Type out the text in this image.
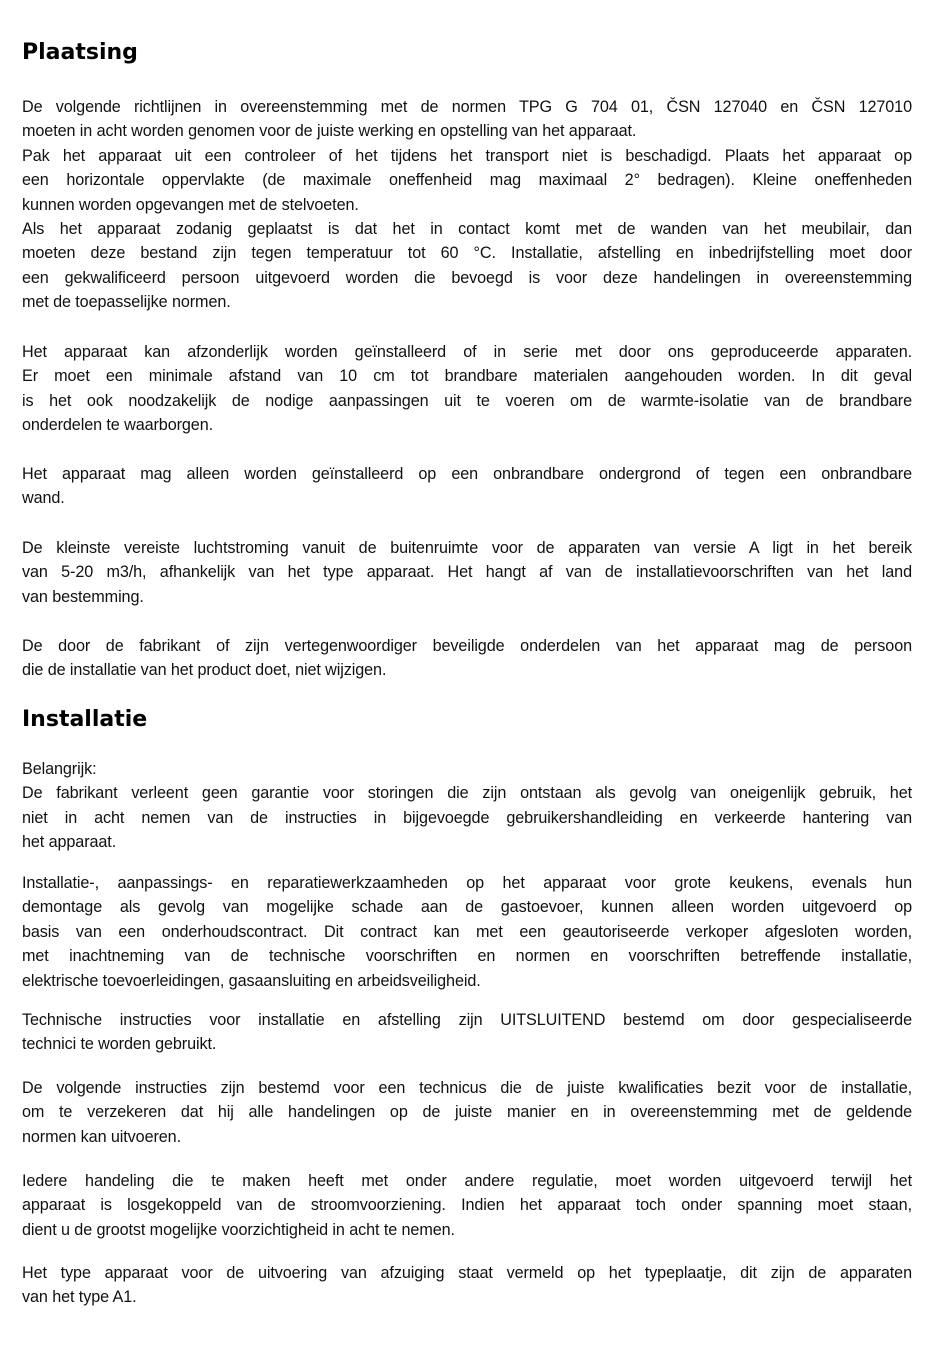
Plaatsing
De volgende richtlijnen in overeenstemming met de normen TPG G 704 01, ČSN 127040 en ČSN 127010
moeten in acht worden genomen voor de juiste werking en opstelling van het apparaat.
Pak het apparaat uit een controleer of het tijdens het transport niet is beschadigd. Plaats het apparaat op
een horizontale oppervlakte (de maximale oneffenheid mag maximaal 2° bedragen). Kleine oneffenheden
kunnen worden opgevangen met de stelvoeten.
Als het apparaat zodanig geplaatst is dat het in contact komt met de wanden van het meubilair, dan
moeten deze bestand zijn tegen temperatuur tot 60 °C. Installatie, afstelling en inbedrijfstelling moet door
een gekwalificeerd persoon uitgevoerd worden die bevoegd is voor deze handelingen in overeenstemming
met de toepasselijke normen.
Het apparaat kan afzonderlijk worden geïnstalleerd of in serie met door ons geproduceerde apparaten.
Er moet een minimale afstand van 10 cm tot brandbare materialen aangehouden worden. In dit geval
is het ook noodzakelijk de nodige aanpassingen uit te voeren om de warmte-isolatie van de brandbare
onderdelen te waarborgen.
Het apparaat mag alleen worden geïnstalleerd op een onbrandbare ondergrond of tegen een onbrandbare
wand.
De kleinste vereiste luchtstroming vanuit de buitenruimte voor de apparaten van versie A ligt in het bereik
van 5-20 m3/h, afhankelijk van het type apparaat. Het hangt af van de installatievoorschriften van het land
van bestemming.
De door de fabrikant of zijn vertegenwoordiger beveiligde onderdelen van het apparaat mag de persoon
die de installatie van het product doet, niet wijzigen.
Installatie
Belangrijk:
De fabrikant verleent geen garantie voor storingen die zijn ontstaan als gevolg van oneigenlijk gebruik, het
niet in acht nemen van de instructies in bijgevoegde gebruikershandleiding en verkeerde hantering van
het apparaat.
Installatie-, aanpassings- en reparatiewerkzaamheden op het apparaat voor grote keukens, evenals hun
demontage als gevolg van mogelijke schade aan de gastoevoer, kunnen alleen worden uitgevoerd op
basis van een onderhoudscontract. Dit contract kan met een geautoriseerde verkoper afgesloten worden,
met inachtneming van de technische voorschriften en normen en voorschriften betreffende installatie,
elektrische toevoerleidingen, gasaansluiting en arbeidsveiligheid.
Technische instructies voor installatie en afstelling zijn UITSLUITEND bestemd om door gespecialiseerde
technici te worden gebruikt.
De volgende instructies zijn bestemd voor een technicus die de juiste kwalificaties bezit voor de installatie,
om te verzekeren dat hij alle handelingen op de juiste manier en in overeenstemming met de geldende
normen kan uitvoeren.
Iedere handeling die te maken heeft met onder andere regulatie, moet worden uitgevoerd terwijl het
apparaat is losgekoppeld van de stroomvoorziening. Indien het apparaat toch onder spanning moet staan,
dient u de grootst mogelijke voorzichtigheid in acht te nemen.
Het type apparaat voor de uitvoering van afzuiging staat vermeld op het typeplaatje, dit zijn de apparaten
van het type A1.
